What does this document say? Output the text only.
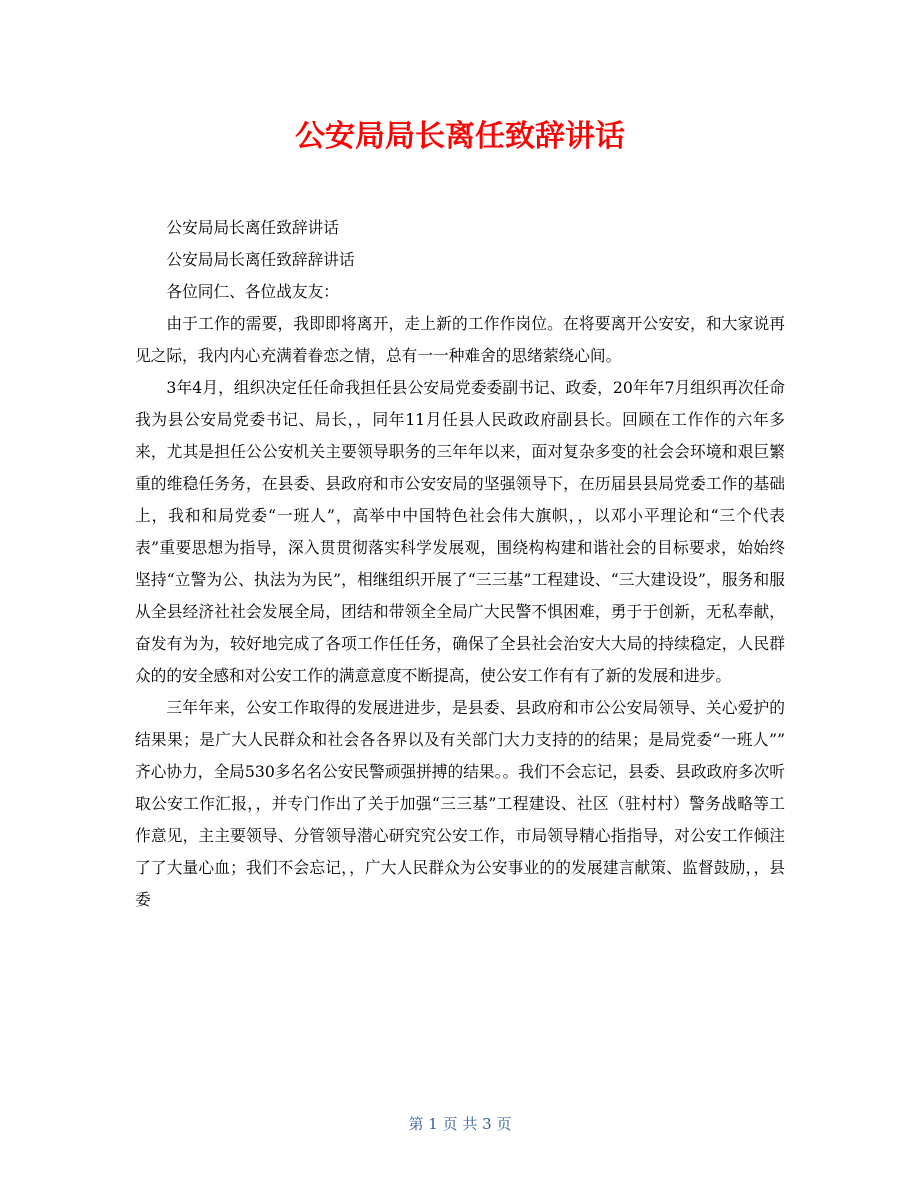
公安局局长离任致辞讲话

公安局局长离任致辞讲话

公安局局长离任致辞辞讲话

各位同仁、各位战友友：

由于工作的需要，我即即将离开，走上新的工作作岗位。在将要离开公安安，和大家说再见之际，我内内心充满着眷恋之情，总有一一种难舍的思绪萦绕心间。

3年4月，组织决定任任命我担任县公安局党委委副书记、政委，20年年7月组织再次任命我为县公安局党委书记、局长，，同年11月任县人民政政府副县长。回顾在工作作的六年多来，尤其是担任公公安机关主要领导职务的三年年以来，面对复杂多变的社会会环境和艰巨繁重的维稳任务务，在县委、县政府和市公安安局的坚强领导下，在历届县县局党委工作的基础上，我和和局党委“一班人”，高举中中国特色社会伟大旗帜，，以邓小平理论和“三个代表表”重要思想为指导，深入贯贯彻落实科学发展观，围绕构构建和谐社会的目标要求，始始终坚持“立警为公、执法为为民”，相继组织开展了“三三基”工程建设、“三大建设设”，服务和服从全县经济社社会发展全局，团结和带领全全局广大民警不惧困难，勇于于创新，无私奉献，奋发有为为，较好地完成了各项工作任任务，确保了全县社会治安大大局的持续稳定，人民群众的的安全感和对公安工作的满意意度不断提高，使公安工作有有了新的发展和进步。

三年年来，公安工作取得的发展进进步，是县委、县政府和市公公安局领导、关心爱护的结果果；是广大人民群众和社会各各界以及有关部门大力支持的的结果；是局党委“一班人”” 齐心协力，全局530多名名公安民警顽强拼搏的结果。。我们不会忘记，县委、县政政府多次听取公安工作汇报，，并专门作出了关于加强“三三基”工程建设、社区（驻村村）警务战略等工作意见，主主要领导、分管领导潜心研究究公安工作，市局领导精心指指导，对公安工作倾注了了大量心血；我们不会忘记，，广大人民群众为公安事业的的发展建言献策、监督鼓励，，县委

第 1 页 共 3 页
